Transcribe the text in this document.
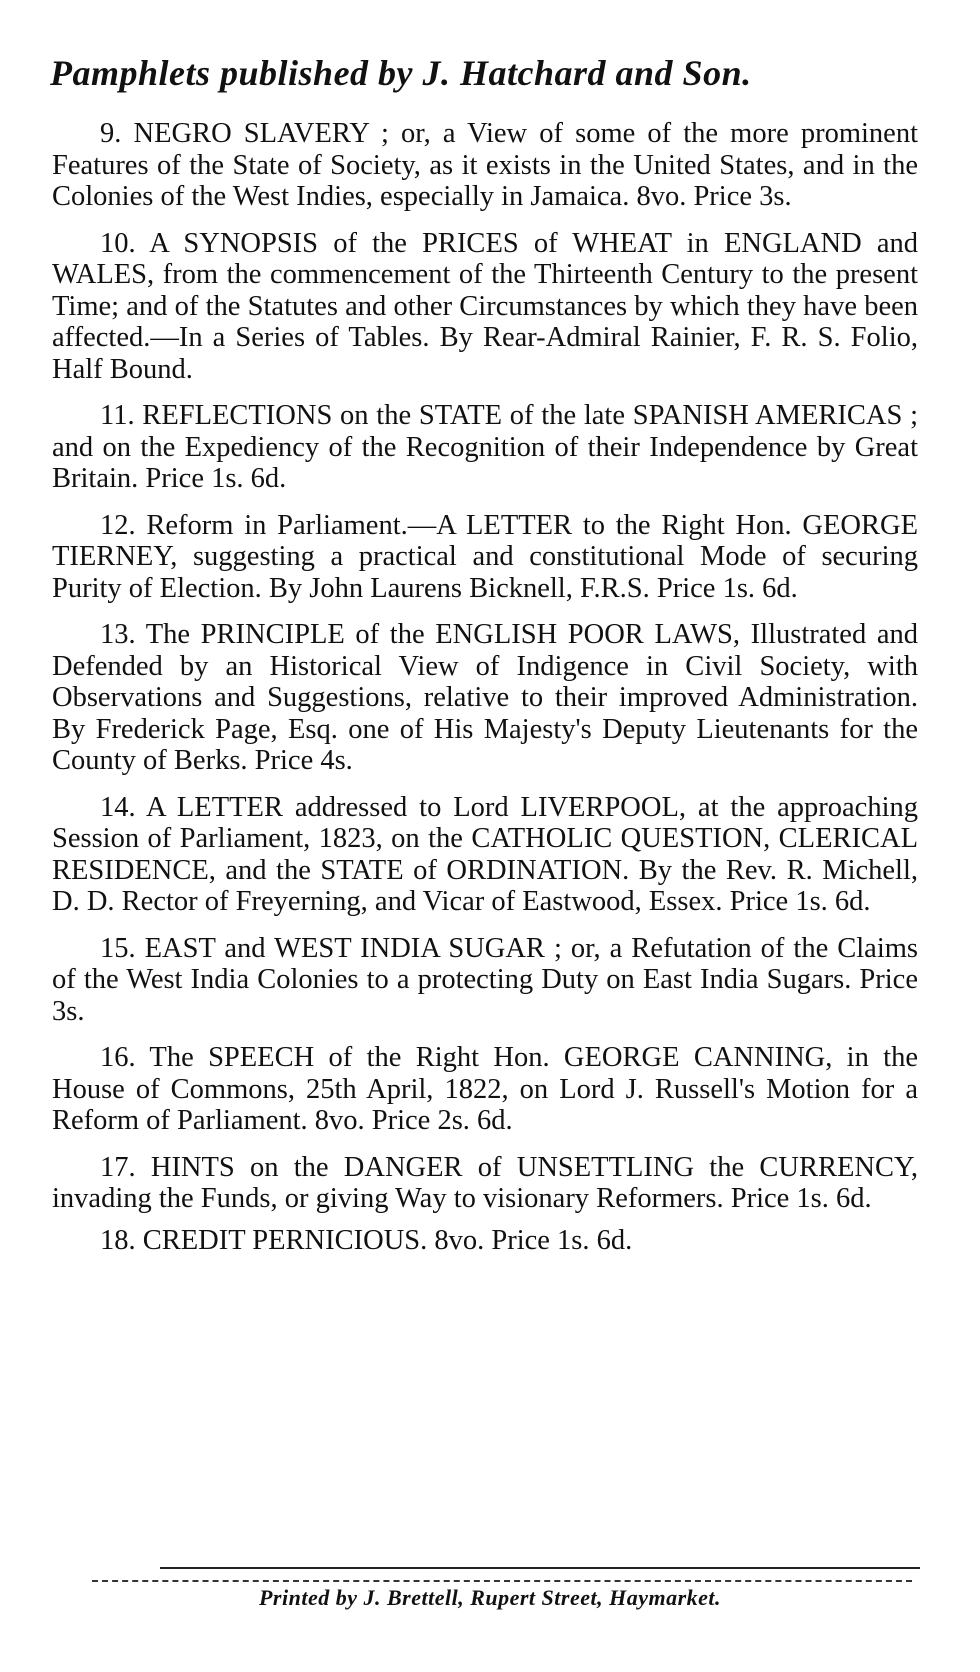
Pamphlets published by J. Hatchard and Son.

9. NEGRO SLAVERY ; or, a View of some of the more prominent Features of the State of Society, as it exists in the United States, and in the Colonies of the West Indies, especially in Jamaica. 8vo. Price 3s.

10. A SYNOPSIS of the PRICES of WHEAT in ENGLAND and WALES, from the commencement of the Thirteenth Century to the present Time; and of the Statutes and other Circumstances by which they have been affected.—In a Series of Tables. By Rear-Admiral Rainier, F. R. S. Folio, Half Bound.

11. REFLECTIONS on the STATE of the late SPANISH AMERICAS ; and on the Expediency of the Recognition of their Independence by Great Britain. Price 1s. 6d.

12. Reform in Parliament.—A LETTER to the Right Hon. GEORGE TIERNEY, suggesting a practical and constitutional Mode of securing Purity of Election. By John Laurens Bicknell, F.R.S. Price 1s. 6d.

13. The PRINCIPLE of the ENGLISH POOR LAWS, Illustrated and Defended by an Historical View of Indigence in Civil Society, with Observations and Suggestions, relative to their improved Administration. By Frederick Page, Esq. one of His Majesty's Deputy Lieutenants for the County of Berks. Price 4s.

14. A LETTER addressed to Lord LIVERPOOL, at the approaching Session of Parliament, 1823, on the CATHOLIC QUESTION, CLERICAL RESIDENCE, and the STATE of ORDINATION. By the Rev. R. Michell, D. D. Rector of Freyerning, and Vicar of Eastwood, Essex. Price 1s. 6d.

15. EAST and WEST INDIA SUGAR ; or, a Refutation of the Claims of the West India Colonies to a protecting Duty on East India Sugars. Price 3s.

16. The SPEECH of the Right Hon. GEORGE CANNING, in the House of Commons, 25th April, 1822, on Lord J. Russell's Motion for a Reform of Parliament. 8vo. Price 2s. 6d.

17. HINTS on the DANGER of UNSETTLING the CURRENCY, invading the Funds, or giving Way to visionary Reformers. Price 1s. 6d.

18. CREDIT PERNICIOUS. 8vo. Price 1s. 6d.

Printed by J. Brettell, Rupert Street, Haymarket.
